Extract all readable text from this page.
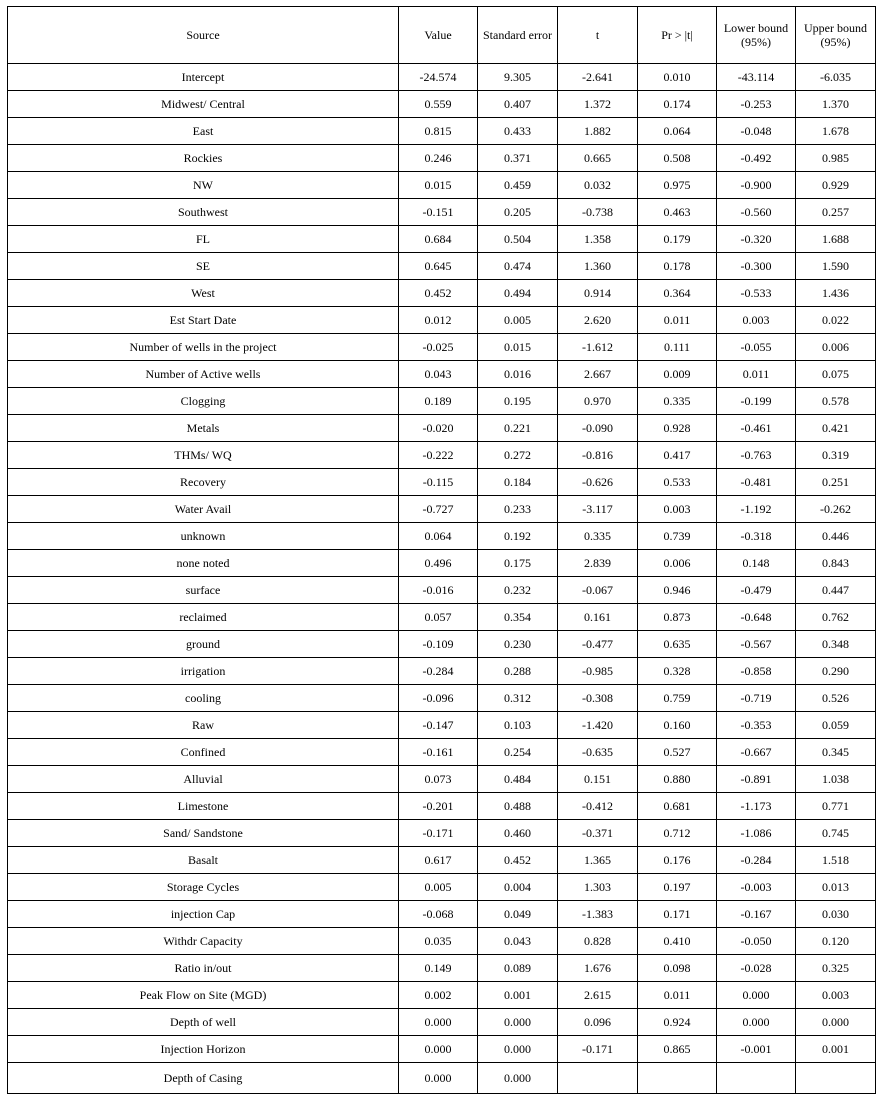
Source	Value	Standard error	t	Pr > |t|	Lower bound (95%)	Upper bound (95%)
Intercept	-24.574	9.305	-2.641	0.010	-43.114	-6.035
Midwest/ Central	0.559	0.407	1.372	0.174	-0.253	1.370
East	0.815	0.433	1.882	0.064	-0.048	1.678
Rockies	0.246	0.371	0.665	0.508	-0.492	0.985
NW	0.015	0.459	0.032	0.975	-0.900	0.929
Southwest	-0.151	0.205	-0.738	0.463	-0.560	0.257
FL	0.684	0.504	1.358	0.179	-0.320	1.688
SE	0.645	0.474	1.360	0.178	-0.300	1.590
West	0.452	0.494	0.914	0.364	-0.533	1.436
Est Start Date	0.012	0.005	2.620	0.011	0.003	0.022
Number of wells in the project	-0.025	0.015	-1.612	0.111	-0.055	0.006
Number of Active wells	0.043	0.016	2.667	0.009	0.011	0.075
Clogging	0.189	0.195	0.970	0.335	-0.199	0.578
Metals	-0.020	0.221	-0.090	0.928	-0.461	0.421
THMs/ WQ	-0.222	0.272	-0.816	0.417	-0.763	0.319
Recovery	-0.115	0.184	-0.626	0.533	-0.481	0.251
Water Avail	-0.727	0.233	-3.117	0.003	-1.192	-0.262
unknown	0.064	0.192	0.335	0.739	-0.318	0.446
none noted	0.496	0.175	2.839	0.006	0.148	0.843
surface	-0.016	0.232	-0.067	0.946	-0.479	0.447
reclaimed	0.057	0.354	0.161	0.873	-0.648	0.762
ground	-0.109	0.230	-0.477	0.635	-0.567	0.348
irrigation	-0.284	0.288	-0.985	0.328	-0.858	0.290
cooling	-0.096	0.312	-0.308	0.759	-0.719	0.526
Raw	-0.147	0.103	-1.420	0.160	-0.353	0.059
Confined	-0.161	0.254	-0.635	0.527	-0.667	0.345
Alluvial	0.073	0.484	0.151	0.880	-0.891	1.038
Limestone	-0.201	0.488	-0.412	0.681	-1.173	0.771
Sand/ Sandstone	-0.171	0.460	-0.371	0.712	-1.086	0.745
Basalt	0.617	0.452	1.365	0.176	-0.284	1.518
Storage Cycles	0.005	0.004	1.303	0.197	-0.003	0.013
injection Cap	-0.068	0.049	-1.383	0.171	-0.167	0.030
Withdr Capacity	0.035	0.043	0.828	0.410	-0.050	0.120
Ratio in/out	0.149	0.089	1.676	0.098	-0.028	0.325
Peak Flow on Site (MGD)	0.002	0.001	2.615	0.011	0.000	0.003
Depth of well	0.000	0.000	0.096	0.924	0.000	0.000
Injection Horizon	0.000	0.000	-0.171	0.865	-0.001	0.001
Depth of Casing	0.000	0.000				
